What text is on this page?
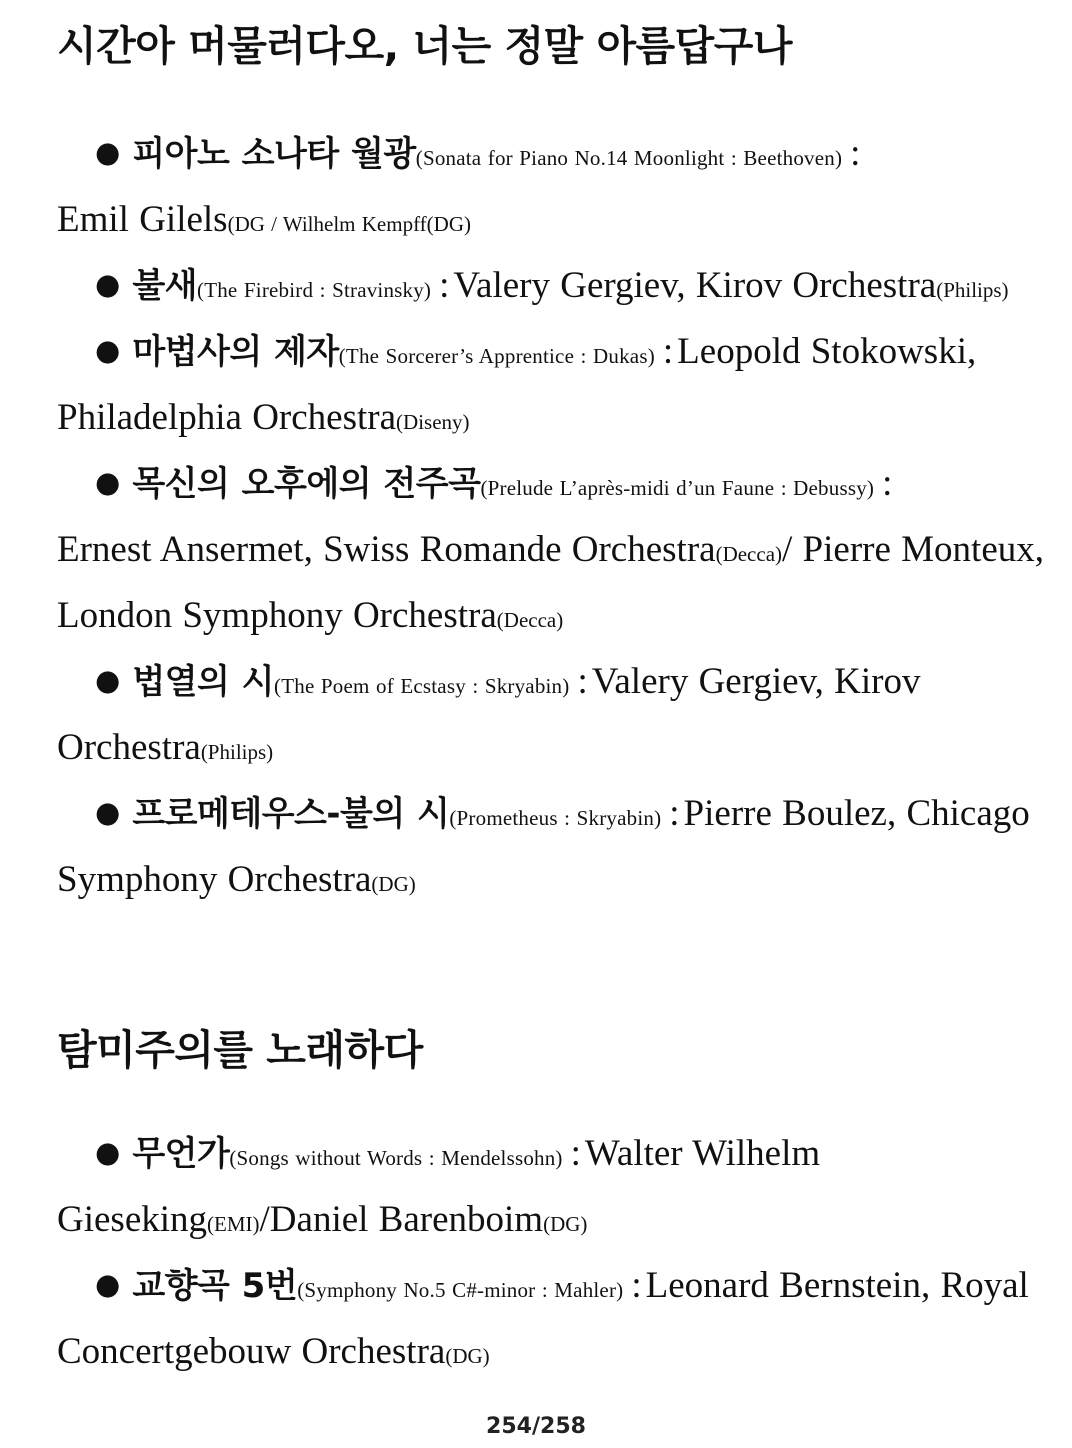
시간아 머물러다오, 너는 정말 아름답구나

● 피아노 소나타 월광(Sonata for Piano No.14 Moonlight : Beethoven) :
Emil Gilels(DG / Wilhelm Kempff(DG)

● 불새(The Firebird : Stravinsky) : Valery Gergiev, Kirov Orchestra(Philips)

● 마법사의 제자(The Sorcerer’s Apprentice : Dukas) : Leopold Stokowski, Philadelphia Orchestra(Diseny)

● 목신의 오후에의 전주곡(Prelude L’après-midi d’un Faune : Debussy) :
Ernest Ansermet, Swiss Romande Orchestra(Decca)/ Pierre Monteux, London Symphony Orchestra(Decca)

● 법열의 시(The Poem of Ecstasy : Skryabin) : Valery Gergiev, Kirov Orchestra(Philips)

● 프로메테우스-불의 시(Prometheus : Skryabin) : Pierre Boulez, Chicago Symphony Orchestra(DG)

탐미주의를 노래하다

● 무언가(Songs without Words : Mendelssohn) : Walter Wilhelm Gieseking(EMI)/Daniel Barenboim(DG)

● 교향곡 5번(Symphony No.5 C#-minor : Mahler) : Leonard Bernstein, Royal Concertgebouw Orchestra(DG)

254/258
